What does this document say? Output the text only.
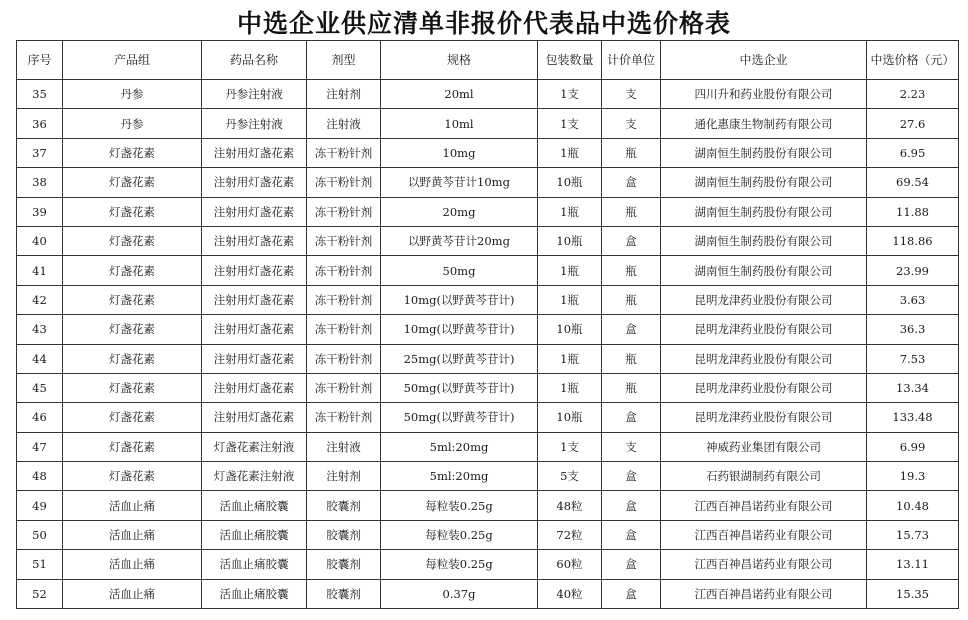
中选企业供应清单非报价代表品中选价格表
序号	产品组	药品名称	剂型	规格	包装数量	计价单位	中选企业	中选价格（元）
35	丹参	丹参注射液	注射剂	20ml	1支	支	四川升和药业股份有限公司	2.23
36	丹参	丹参注射液	注射液	10ml	1支	支	通化惠康生物制药有限公司	27.6
37	灯盏花素	注射用灯盏花素	冻干粉针剂	10mg	1瓶	瓶	湖南恒生制药股份有限公司	6.95
38	灯盏花素	注射用灯盏花素	冻干粉针剂	以野黄芩苷计10mg	10瓶	盒	湖南恒生制药股份有限公司	69.54
39	灯盏花素	注射用灯盏花素	冻干粉针剂	20mg	1瓶	瓶	湖南恒生制药股份有限公司	11.88
40	灯盏花素	注射用灯盏花素	冻干粉针剂	以野黄芩苷计20mg	10瓶	盒	湖南恒生制药股份有限公司	118.86
41	灯盏花素	注射用灯盏花素	冻干粉针剂	50mg	1瓶	瓶	湖南恒生制药股份有限公司	23.99
42	灯盏花素	注射用灯盏花素	冻干粉针剂	10mg(以野黄芩苷计)	1瓶	瓶	昆明龙津药业股份有限公司	3.63
43	灯盏花素	注射用灯盏花素	冻干粉针剂	10mg(以野黄芩苷计)	10瓶	盒	昆明龙津药业股份有限公司	36.3
44	灯盏花素	注射用灯盏花素	冻干粉针剂	25mg(以野黄芩苷计)	1瓶	瓶	昆明龙津药业股份有限公司	7.53
45	灯盏花素	注射用灯盏花素	冻干粉针剂	50mg(以野黄芩苷计)	1瓶	瓶	昆明龙津药业股份有限公司	13.34
46	灯盏花素	注射用灯盏花素	冻干粉针剂	50mg(以野黄芩苷计)	10瓶	盒	昆明龙津药业股份有限公司	133.48
47	灯盏花素	灯盏花素注射液	注射液	5ml:20mg	1支	支	神威药业集团有限公司	6.99
48	灯盏花素	灯盏花素注射液	注射剂	5ml:20mg	5支	盒	石药银湖制药有限公司	19.3
49	活血止痛	活血止痛胶囊	胶囊剂	每粒装0.25g	48粒	盒	江西百神昌诺药业有限公司	10.48
50	活血止痛	活血止痛胶囊	胶囊剂	每粒装0.25g	72粒	盒	江西百神昌诺药业有限公司	15.73
51	活血止痛	活血止痛胶囊	胶囊剂	每粒装0.25g	60粒	盒	江西百神昌诺药业有限公司	13.11
52	活血止痛	活血止痛胶囊	胶囊剂	0.37g	40粒	盒	江西百神昌诺药业有限公司	15.35
